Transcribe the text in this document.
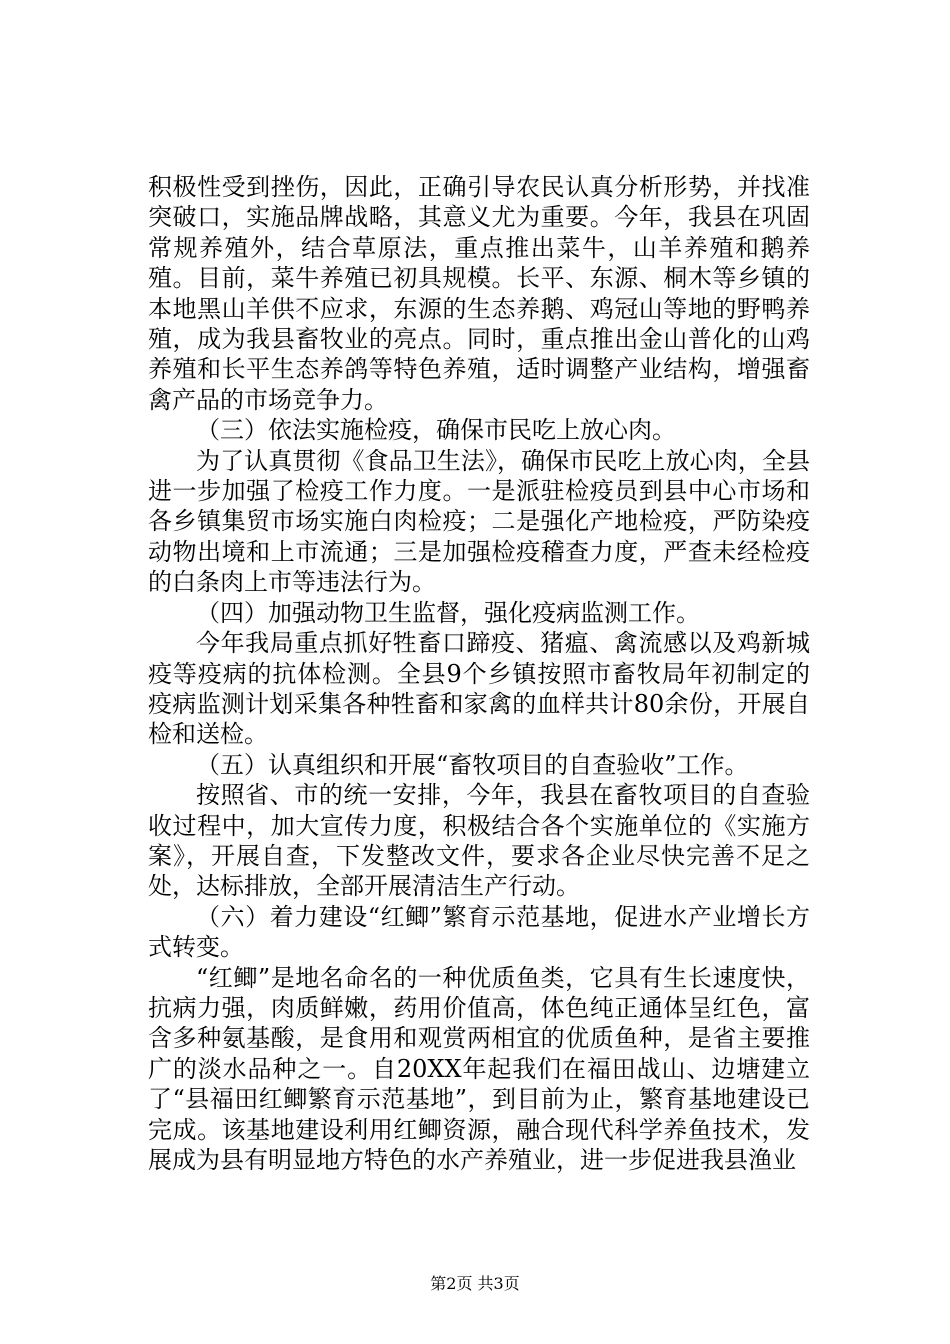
积极性受到挫伤，因此，正确引导农民认真分析形势，并找准突破口，实施品牌战略，其意义尤为重要。今年，我县在巩固常规养殖外，结合草原法，重点推出菜牛，山羊养殖和鹅养殖。目前，菜牛养殖已初具规模。长平、东源、桐木等乡镇的本地黑山羊供不应求，东源的生态养鹅、鸡冠山等地的野鸭养殖，成为我县畜牧业的亮点。同时，重点推出金山普化的山鸡养殖和长平生态养鸽等特色养殖，适时调整产业结构，增强畜禽产品的市场竞争力。

（三）依法实施检疫，确保市民吃上放心肉。

为了认真贯彻《食品卫生法》，确保市民吃上放心肉，全县进一步加强了检疫工作力度。一是派驻检疫员到县中心市场和各乡镇集贸市场实施白肉检疫；二是强化产地检疫，严防染疫动物出境和上市流通；三是加强检疫稽查力度，严查未经检疫的白条肉上市等违法行为。

（四）加强动物卫生监督，强化疫病监测工作。

今年我局重点抓好牲畜口蹄疫、猪瘟、禽流感以及鸡新城疫等疫病的抗体检测。全县9个乡镇按照市畜牧局年初制定的疫病监测计划采集各种牲畜和家禽的血样共计80余份，开展自检和送检。

（五）认真组织和开展“畜牧项目的自查验收”工作。

按照省、市的统一安排，今年，我县在畜牧项目的自查验收过程中，加大宣传力度，积极结合各个实施单位的《实施方案》，开展自查，下发整改文件，要求各企业尽快完善不足之处，达标排放，全部开展清洁生产行动。

（六）着力建设“红鲫”繁育示范基地，促进水产业增长方式转变。

“红鲫”是地名命名的一种优质鱼类，它具有生长速度快，抗病力强，肉质鲜嫩，药用价值高，体色纯正通体呈红色，富含多种氨基酸，是食用和观赏两相宜的优质鱼种，是省主要推广的淡水品种之一。自20XX年起我们在福田战山、边塘建立了“县福田红鲫繁育示范基地”，到目前为止，繁育基地建设已完成。该基地建设利用红鲫资源，融合现代科学养鱼技术，发展成为县有明显地方特色的水产养殖业，进一步促进我县渔业

第2页 共3页
